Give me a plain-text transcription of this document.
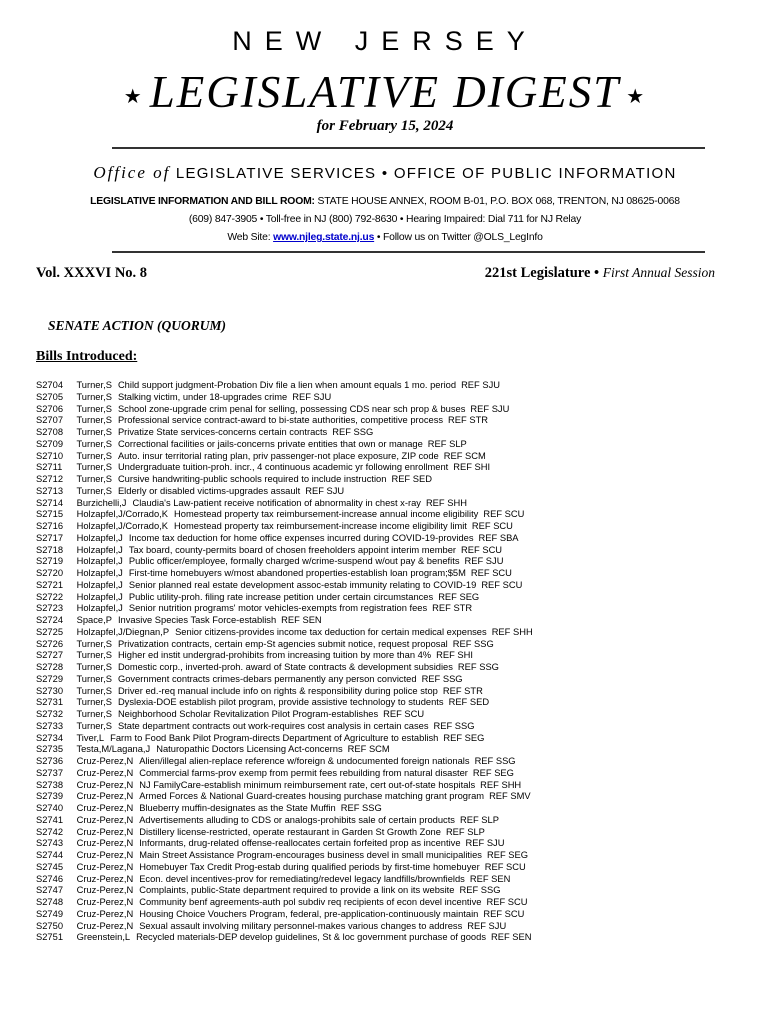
NEW JERSEY
★ LEGISLATIVE DIGEST ★
for February 15, 2024
Office of LEGISLATIVE SERVICES • OFFICE OF PUBLIC INFORMATION
LEGISLATIVE INFORMATION AND BILL ROOM: STATE HOUSE ANNEX, ROOM B-01, P.O. BOX 068, TRENTON, NJ 08625-0068
(609) 847-3905 • Toll-free in NJ (800) 792-8630 • Hearing Impaired: Dial 711 for NJ Relay
Web Site: www.njleg.state.nj.us • Follow us on Twitter @OLS_LegInfo
Vol. XXXVI No. 8	221st Legislature • First Annual Session
SENATE ACTION (QUORUM)
Bills Introduced:
S2704 Turner,S Child support judgment-Probation Div file a lien when amount equals 1 mo. period REF SJU
S2705 Turner,S Stalking victim, under 18-upgrades crime REF SJU
S2706 Turner,S School zone-upgrade crim penal for selling, possessing CDS near sch prop & buses REF SJU
S2707 Turner,S Professional service contract-award to bi-state authorities, competitive process REF STR
S2708 Turner,S Privatize State services-concerns certain contracts REF SSG
S2709 Turner,S Correctional facilities or jails-concerns private entities that own or manage REF SLP
S2710 Turner,S Auto. insur territorial rating plan, priv passenger-not place exposure, ZIP code REF SCM
S2711 Turner,S Undergraduate tuition-proh. incr., 4 continuous academic yr following enrollment REF SHI
S2712 Turner,S Cursive handwriting-public schools required to include instruction REF SED
S2713 Turner,S Elderly or disabled victims-upgrades assault REF SJU
S2714 Burzichelli,J Claudia's Law-patient receive notification of abnormality in chest x-ray REF SHH
S2715 Holzapfel,J/Corrado,K Homestead property tax reimbursement-increase annual income eligibility REF SCU
S2716 Holzapfel,J/Corrado,K Homestead property tax reimbursement-increase income eligibility limit REF SCU
S2717 Holzapfel,J Income tax deduction for home office expenses incurred during COVID-19-provides REF SBA
S2718 Holzapfel,J Tax board, county-permits board of chosen freeholders appoint interim member REF SCU
S2719 Holzapfel,J Public officer/employee, formally charged w/crime-suspend w/out pay & benefits REF SJU
S2720 Holzapfel,J First-time homebuyers w/most abandoned properties-establish loan program;$5M REF SCU
S2721 Holzapfel,J Senior planned real estate development assoc-estab immunity relating to COVID-19 REF SCU
S2722 Holzapfel,J Public utility-proh. filing rate increase petition under certain circumstances REF SEG
S2723 Holzapfel,J Senior nutrition programs' motor vehicles-exempts from registration fees REF STR
S2724 Space,P Invasive Species Task Force-establish REF SEN
S2725 Holzapfel,J/Diegnan,P Senior citizens-provides income tax deduction for certain medical expenses REF SHH
S2726 Turner,S Privatization contracts, certain emp-St agencies submit notice, request proposal REF SSG
S2727 Turner,S Higher ed instit undergrad-prohibits from increasing tuition by more than 4% REF SHI
S2728 Turner,S Domestic corp., inverted-proh. award of State contracts & development subsidies REF SSG
S2729 Turner,S Government contracts crimes-debars permanently any person convicted REF SSG
S2730 Turner,S Driver ed.-req manual include info on rights & responsibility during police stop REF STR
S2731 Turner,S Dyslexia-DOE establish pilot program, provide assistive technology to students REF SED
S2732 Turner,S Neighborhood Scholar Revitalization Pilot Program-establishes REF SCU
S2733 Turner,S State department contracts out work-requires cost analysis in certain cases REF SSG
S2734 Tiver,L Farm to Food Bank Pilot Program-directs Department of Agriculture to establish REF SEG
S2735 Testa,M/Lagana,J Naturopathic Doctors Licensing Act-concerns REF SCM
S2736 Cruz-Perez,N Alien/illegal alien-replace reference w/foreign & undocumented foreign nationals REF SSG
S2737 Cruz-Perez,N Commercial farms-prov exemp from permit fees rebuilding from natural disaster REF SEG
S2738 Cruz-Perez,N NJ FamilyCare-establish minimum reimbursement rate, cert out-of-state hospitals REF SHH
S2739 Cruz-Perez,N Armed Forces & National Guard-creates housing purchase matching grant program REF SMV
S2740 Cruz-Perez,N Blueberry muffin-designates as the State Muffin REF SSG
S2741 Cruz-Perez,N Advertisements alluding to CDS or analogs-prohibits sale of certain products REF SLP
S2742 Cruz-Perez,N Distillery license-restricted, operate restaurant in Garden St Growth Zone REF SLP
S2743 Cruz-Perez,N Informants, drug-related offense-reallocates certain forfeited prop as incentive REF SJU
S2744 Cruz-Perez,N Main Street Assistance Program-encourages business devel in small municipalities REF SEG
S2745 Cruz-Perez,N Homebuyer Tax Credit Prog-estab during qualified periods by first-time homebuyer REF SCU
S2746 Cruz-Perez,N Econ. devel incentives-prov for remediating/redevel legacy landfills/brownfields REF SEN
S2747 Cruz-Perez,N Complaints, public-State department required to provide a link on its website REF SSG
S2748 Cruz-Perez,N Community benf agreements-auth pol subdiv req recipients of econ devel incentive REF SCU
S2749 Cruz-Perez,N Housing Choice Vouchers Program, federal, pre-application-continuously maintain REF SCU
S2750 Cruz-Perez,N Sexual assault involving military personnel-makes various changes to address REF SJU
S2751 Greenstein,L Recycled materials-DEP develop guidelines, St & loc government purchase of goods REF SEN
